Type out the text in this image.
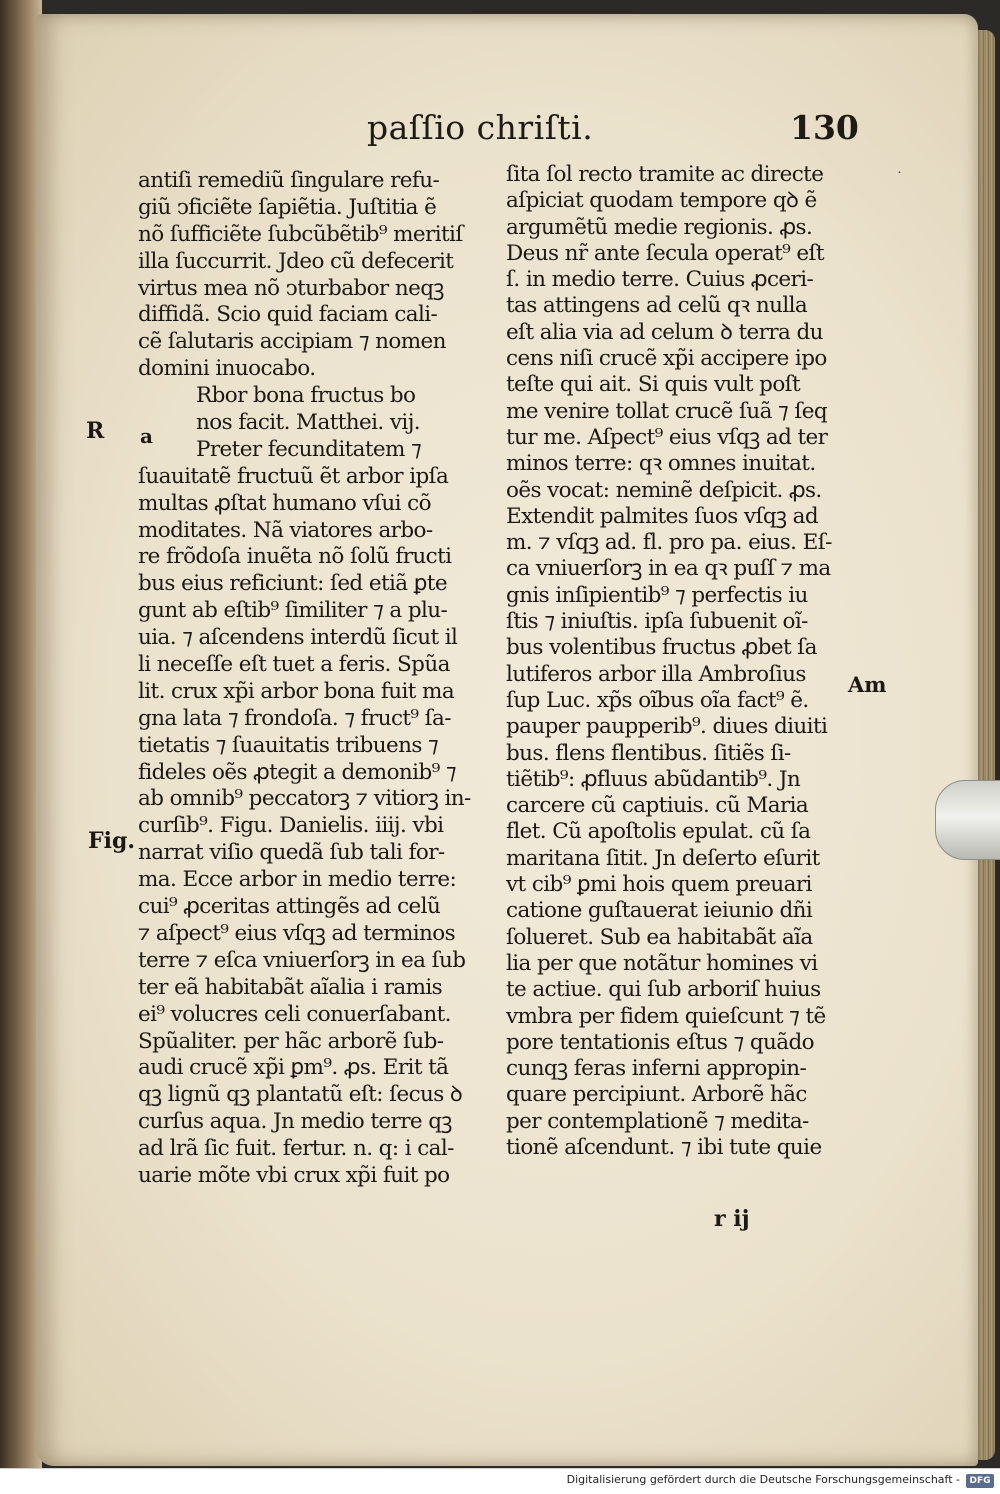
paſſio chriſti.	130
˙
antiſi remediũ ſingulare refu-
giũ ↄficiẽte ſapiẽtia. Juſtitia ẽ
nõ ſufficiẽte ſubcũbẽtib⁹ meritiſ
illa ſuccurrit. Jdeo cũ defecerit
virtus mea nõ ↄturbabor neqꝫ
diffidã. Scio quid faciam cali-
cẽ ſalutaris accipiam ⁊ nomen
domini inuocabo.
Rbor bona fructus bo
nos facit. Matthei. vij.
Preter fecunditatem ⁊
ſuauitatẽ fructuũ ẽt arbor ipſa
multas ꝓſtat humano vſui cõ
moditates. Nã viatores arbo-
re frõdoſa inuẽta nõ ſolũ fructi
bus eius reficiunt: ſed etiã ꝑte
gunt ab eſtib⁹ ſimiliter ⁊ a plu-
uia. ⁊ aſcendens interdũ ſicut il
li neceſſe eſt tuet a feris. Spũa
lit. crux xp̃i arbor bona fuit ma
gna lata ⁊ frondoſa. ⁊ fruct⁹ ſa-
tietatis ⁊ ſuauitatis tribuens ⁊
fideles oẽs ꝓtegit a demonib⁹ ⁊
ab omnib⁹ peccatorꝫ ⁊ vitiorꝫ in-
curſib⁹. Figu. Danielis. iiij. vbi
narrat viſio quedã ſub tali for-
ma. Ecce arbor in medio terre:
cui⁹ ꝓceritas attingẽs ad celũ
⁊ aſpect⁹ eius vſqꝫ ad terminos
terre ⁊ eſca vniuerſorꝫ in ea ſub
ter eã habitabãt aĩalia i ramis
ei⁹ volucres celi conuerſabant.
Spũaliter. per hãc arborẽ ſub-
audi crucẽ xp̃i ꝑm⁹. ꝓs. Erit tã
qꝫ lignũ qꝫ plantatũ eſt: ſecus ꝺ
curſus aqua. Jn medio terre qꝫ
ad lrã ſic fuit. fertur. n. q: i cal-
uarie mõte vbi crux xp̃i fuit po
ſita ſol recto tramite ac directe
aſpiciat quodam tempore qꝺ ẽ
argumẽtũ medie regionis. ꝓs.
Deus nr̃ ante ſecula operat⁹ eſt
ſ. in medio terre. Cuius ꝓceri-
tas attingens ad celũ qꝛ nulla
eſt alia via ad celum ꝺ terra du
cens niſi crucẽ xp̃i accipere ipo
teſte qui ait. Si quis vult poſt
me venire tollat crucẽ ſuã ⁊ ſeq
tur me. Aſpect⁹ eius vſqꝫ ad ter
minos terre: qꝛ omnes inuitat.
oẽs vocat: neminẽ deſpicit. ꝓs.
Extendit palmites ſuos vſqꝫ ad
m. ⁊ vſqꝫ ad. fl. pro pa. eius. Eſ-
ca vniuerſorꝫ in ea qꝛ puſſ ⁊ ma
gnis inſipientib⁹ ⁊ perfectis iu
ſtis ⁊ iniuſtis. ipſa ſubuenit oĩ-
bus volentibus fructus ꝓbet ſa
lutiferos arbor illa Ambroſius
ſup Luc. xp̃s oĩbus oĩa fact⁹ ẽ.
pauper paupperib⁹. diues diuiti
bus. flens flentibus. ſitiẽs ſi-
tiẽtib⁹: ꝓfluus abũdantib⁹. Jn
carcere cũ captiuis. cũ Maria
flet. Cũ apoſtolis epulat. cũ ſa
maritana ſitit. Jn deſerto eſurit
vt cib⁹ ꝑmi hois quem preuari
catione guſtauerat ieiunio dñi
ſolueret. Sub ea habitabãt aĩa
lia per que notãtur homines vi
te actiue. qui ſub arboriſ huius
vmbra per fidem quieſcunt ⁊ tẽ
pore tentationis eſtus ⁊ quãdo
cunqꝫ feras inferni appropin-
quare percipiunt. Arborẽ hãc
per contemplationẽ ⁊ medita-
tionẽ aſcendunt. ⁊ ibi tute quie
R a
Fig.
Am
r ij
Digitalisierung gefördert durch die Deutsche Forschungsgemeinschaft -	DFG
